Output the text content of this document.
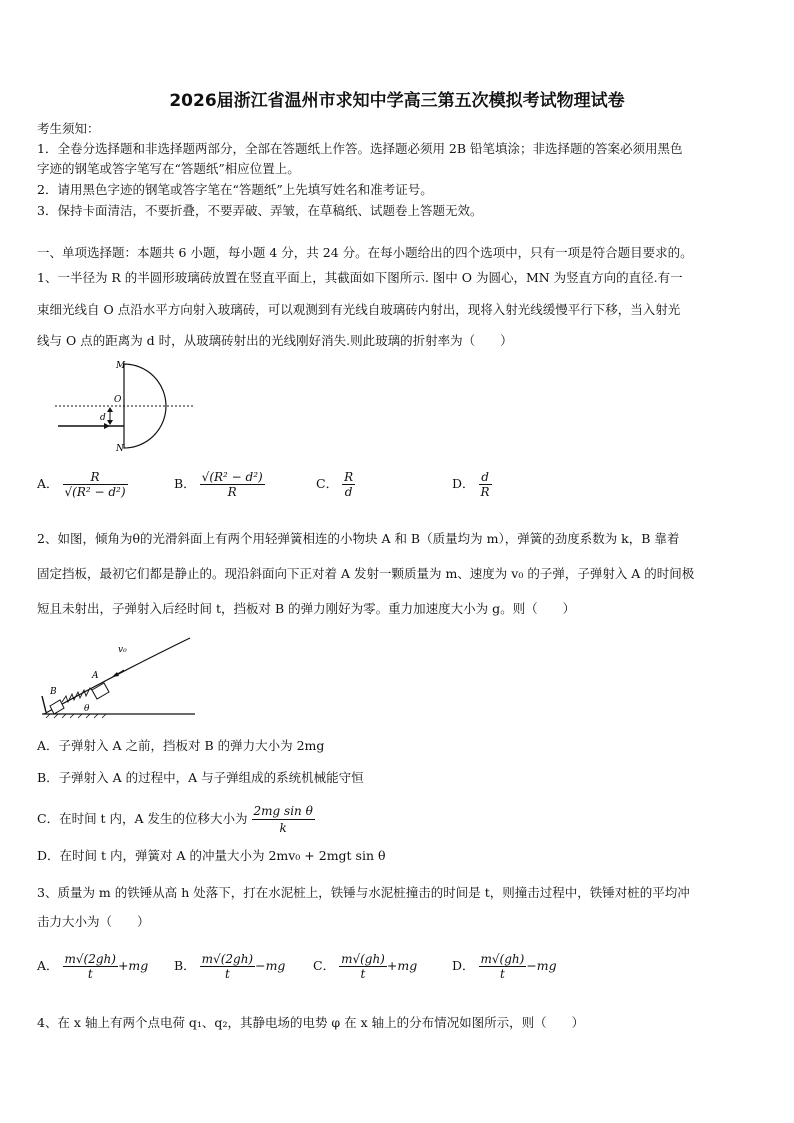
2026届浙江省温州市求知中学高三第五次模拟考试物理试卷
考生须知：
1．全卷分选择题和非选择题两部分，全部在答题纸上作答。选择题必须用 2B 铅笔填涂；非选择题的答案必须用黑色
字迹的钢笔或答字笔写在“答题纸”相应位置上。
2．请用黑色字迹的钢笔或答字笔在“答题纸”上先填写姓名和准考证号。
3．保持卡面清洁，不要折叠，不要弄破、弄皱，在草稿纸、试题卷上答题无效。
一、单项选择题：本题共 6 小题，每小题 4 分，共 24 分。在每小题给出的四个选项中，只有一项是符合题目要求的。
1、一半径为 R 的半圆形玻璃砖放置在竖直平面上，其截面如下图所示. 图中 O 为圆心，MN 为竖直方向的直径.有一
束细光线自 O 点沿水平方向射入玻璃砖，可以观测到有光线自玻璃砖内射出，现将入射光线缓慢平行下移，当入射光
线与 O 点的距离为 d 时，从玻璃砖射出的光线刚好消失.则此玻璃的折射率为（　　）
M
O
d
N
A． $\frac{R}{\text{√(R² − d²)}}$	B． $\frac{\text{√(R² − d²)}}{R}$	C． $\frac{R}{d}$	D． $\frac{d}{R}$
2、如图，倾角为θ的光滑斜面上有两个用轻弹簧相连的小物块 A 和 B（质量均为 m），弹簧的劲度系数为 k，B 靠着
固定挡板，最初它们都是静止的。现沿斜面向下正对着 A 发射一颗质量为 m、速度为 v₀ 的子弹，子弹射入 A 的时间极
短且未射出，子弹射入后经时间 t，挡板对 B 的弹力刚好为零。重力加速度大小为 g。则（　　）
v₀
A
B
θ
A．子弹射入 A 之前，挡板对 B 的弹力大小为 2mg
B．子弹射入 A 的过程中，A 与子弹组成的系统机械能守恒
C．在时间 t 内，A 发生的位移大小为 $\frac{\text{2mg sin θ}}{k}$
D．在时间 t 内，弹簧对 A 的冲量大小为 2mv₀ + 2mgt sin θ
3、质量为 m 的铁锤从高 h 处落下，打在水泥桩上，铁锤与水泥桩撞击的时间是 t，则撞击过程中，铁锤对桩的平均冲
击力大小为（　　）
A． $\frac{m√(2gh)}{t} +mg$ B． $\frac{m√(2gh)}{t} -mg$ C． $\frac{m√(gh)}{t} +mg$	D． $\frac{m√(gh)}{t} -mg$
4、在 x 轴上有两个点电荷 q₁、q₂，其静电场的电势 φ 在 x 轴上的分布情况如图所示，则（　　）
